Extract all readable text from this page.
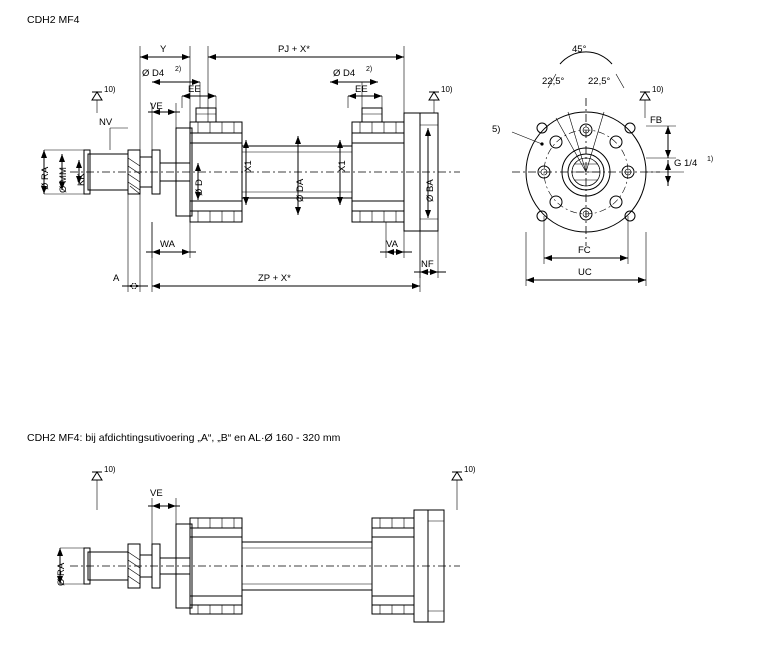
CDH2 MF4
CDH2 MF4: bij afdichtingsutivoering „A“, „B“ en AL·Ø 160 - 320 mm
Y	PJ + X*
Ø D4 2)	Ø D4 2)
EE	EE
10)	10)
VE
NV
Ø RA Ø MM KK	Ø D
X1
Ø DA
X1
Ø BA
WA	VA
NF
A	ZP + X*
45°
22,5° 22,5°
10)
5)
FB
G 1/4 1)
FC
UC
10)	10)
VE
Ø RA
